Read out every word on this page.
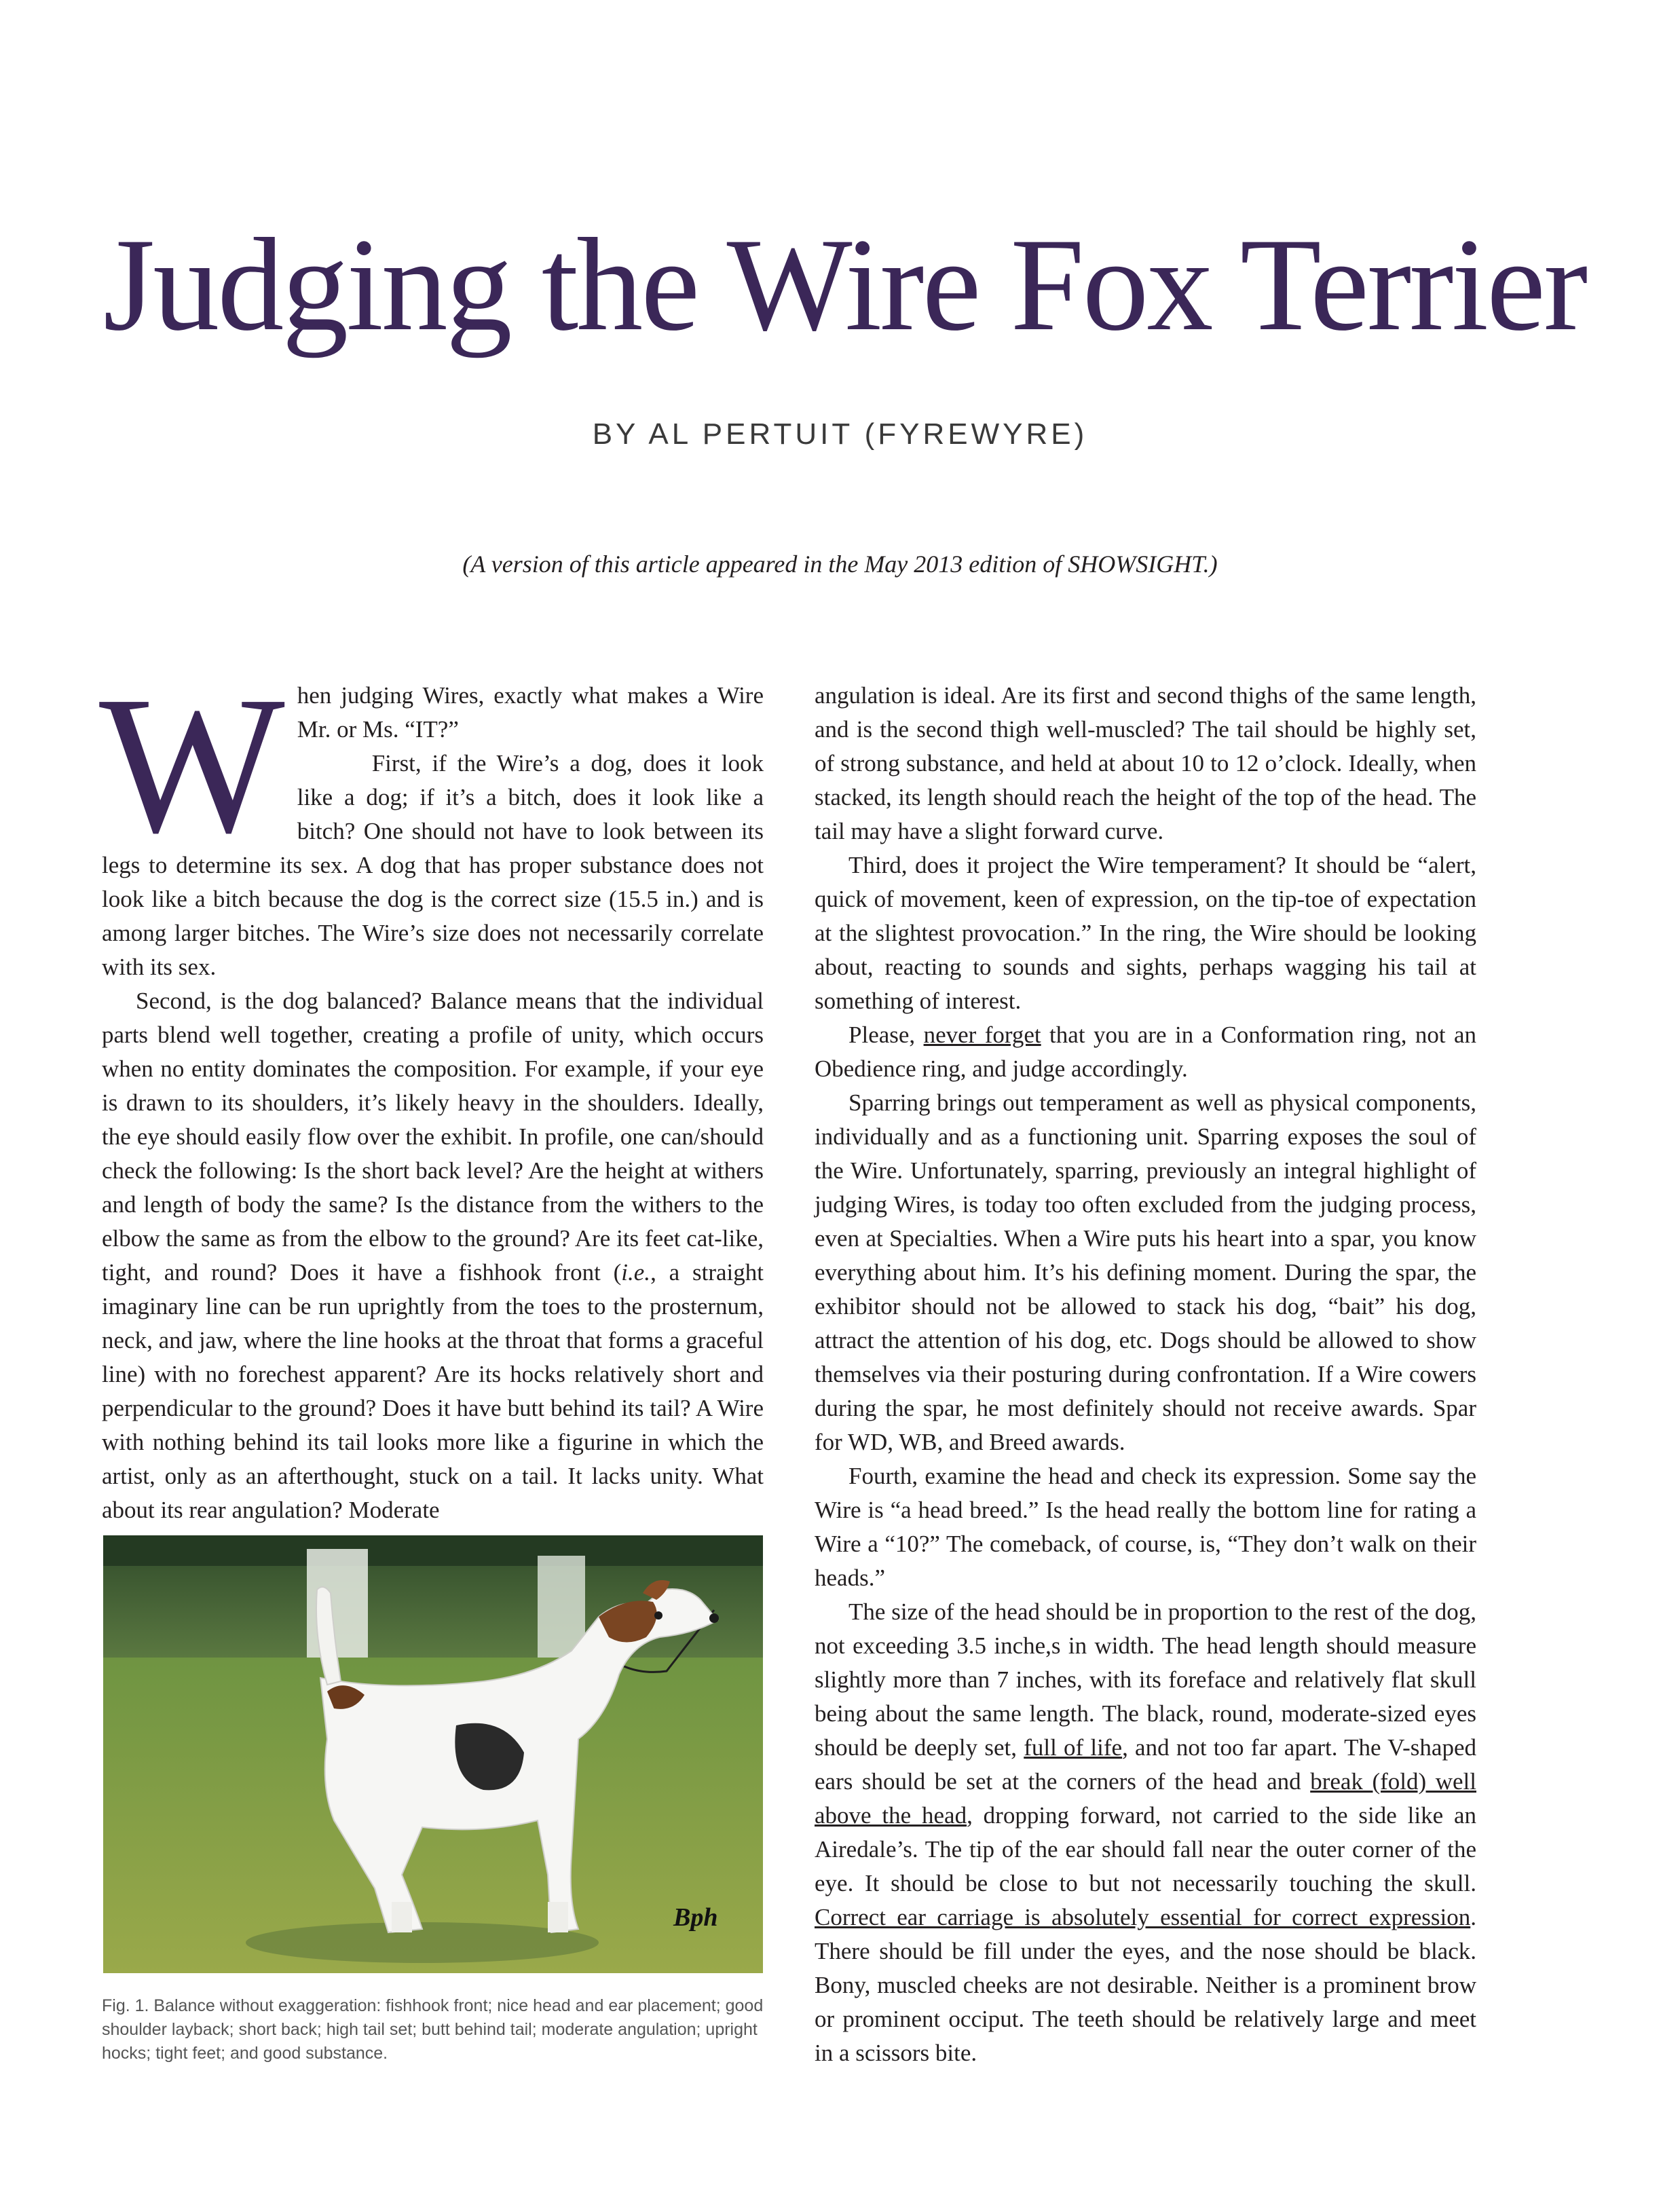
Judging the Wire Fox Terrier
BY AL PERTUIT (FYREWYRE)
(A version of this article appeared in the May 2013 edition of SHOWSIGHT.)

When judging Wires, exactly what makes a Wire Mr. or Ms. “IT?”

First, if the Wire’s a dog, does it look like a dog; if it’s a bitch, does it look like a bitch? One should not have to look between its legs to determine its sex. A dog that has proper substance does not look like a bitch because the dog is the correct size (15.5 in.) and is among larger bitches. The Wire’s size does not necessarily correlate with its sex.

Second, is the dog balanced? Balance means that the individual parts blend well together, creating a profile of unity, which occurs when no entity dominates the composition. For example, if your eye is drawn to its shoulders, it’s likely heavy in the shoulders. Ideally, the eye should easily flow over the exhibit. In profile, one can/should check the following: Is the short back level? Are the height at withers and length of body the same? Is the distance from the withers to the elbow the same as from the elbow to the ground? Are its feet cat-like, tight, and round? Does it have a fishhook front (i.e., a straight imaginary line can be run uprightly from the toes to the prosternum, neck, and jaw, where the line hooks at the throat that forms a graceful line) with no forechest apparent? Are its hocks relatively short and perpendicular to the ground? Does it have butt behind its tail? A Wire with nothing behind its tail looks more like a figurine in which the artist, only as an afterthought, stuck on a tail. It lacks unity. What about its rear angulation? Moderate

Bph
Fig. 1. Balance without exaggeration: fishhook front; nice head and ear placement; good shoulder layback; short back; high tail set; butt behind tail; moderate angulation; upright hocks; tight feet; and good substance.

angulation is ideal. Are its first and second thighs of the same length, and is the second thigh well-muscled? The tail should be highly set, of strong substance, and held at about 10 to 12 o’clock. Ideally, when stacked, its length should reach the height of the top of the head. The tail may have a slight forward curve.

Third, does it project the Wire temperament? It should be “alert, quick of movement, keen of expression, on the tip-toe of expectation at the slightest provocation.” In the ring, the Wire should be looking about, reacting to sounds and sights, perhaps wagging his tail at something of interest.

Please, never forget that you are in a Conformation ring, not an Obedience ring, and judge accordingly.

Sparring brings out temperament as well as physical components, individually and as a functioning unit. Sparring exposes the soul of the Wire. Unfortunately, sparring, previously an integral highlight of judging Wires, is today too often excluded from the judging process, even at Specialties. When a Wire puts his heart into a spar, you know everything about him. It’s his defining moment. During the spar, the exhibitor should not be allowed to stack his dog, “bait” his dog, attract the attention of his dog, etc. Dogs should be allowed to show themselves via their posturing during confrontation. If a Wire cowers during the spar, he most definitely should not receive awards. Spar for WD, WB, and Breed awards.

Fourth, examine the head and check its expression. Some say the Wire is “a head breed.” Is the head really the bottom line for rating a Wire a “10?” The comeback, of course, is, “They don’t walk on their heads.”

The size of the head should be in proportion to the rest of the dog, not exceeding 3.5 inche,s in width. The head length should measure slightly more than 7 inches, with its foreface and relatively flat skull being about the same length. The black, round, moderate-sized eyes should be deeply set, full of life, and not too far apart. The V-shaped ears should be set at the corners of the head and break (fold) well above the head, dropping forward, not carried to the side like an Airedale’s. The tip of the ear should fall near the outer corner of the eye. It should be close to but not necessarily touching the skull. Correct ear carriage is absolutely essential for correct expression. There should be fill under the eyes, and the nose should be black. Bony, muscled cheeks are not desirable. Neither is a prominent brow or prominent occiput. The teeth should be relatively large and meet in a scissors bite.
